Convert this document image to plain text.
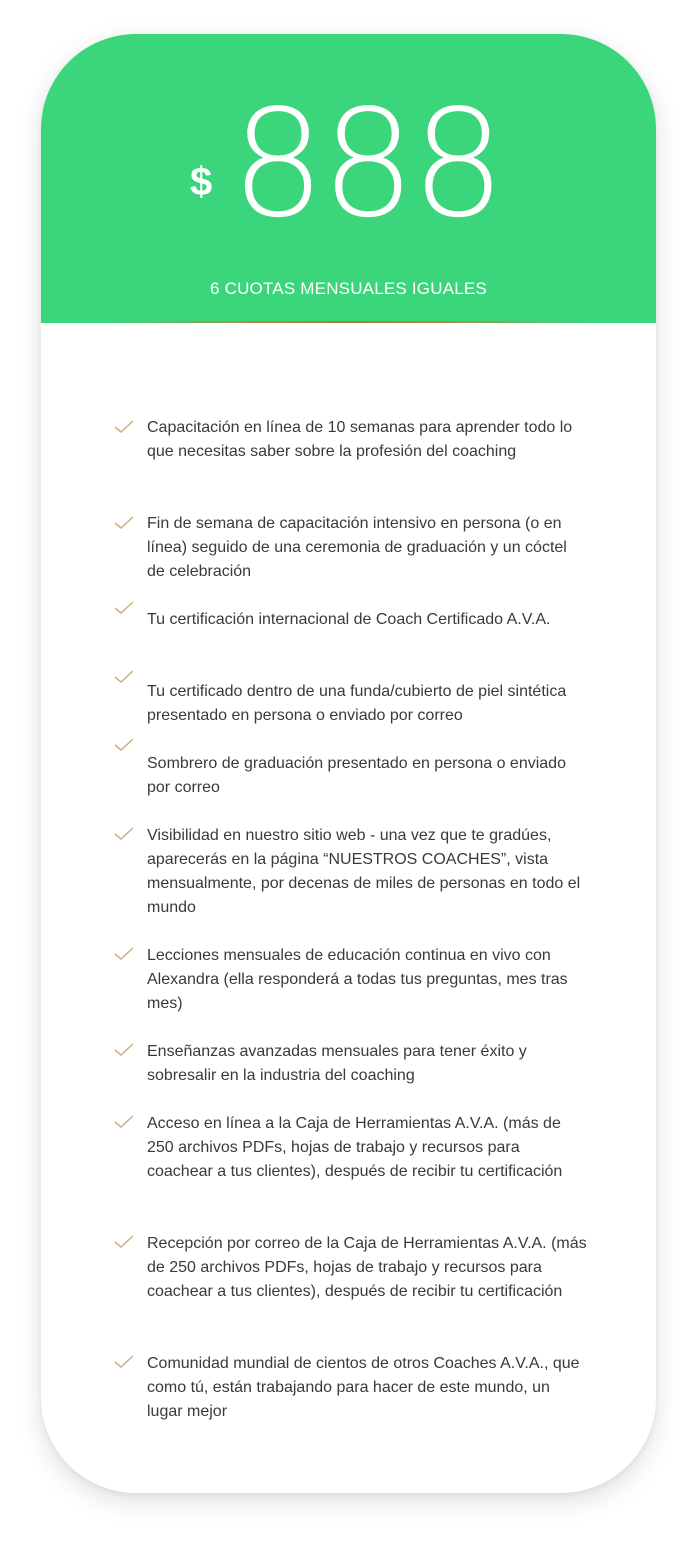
$ 888
6 CUOTAS MENSUALES IGUALES
Capacitación en línea de 10 semanas para aprender todo lo que necesitas saber sobre la profesión del coaching
Fin de semana de capacitación intensivo en persona (o en línea) seguido de una ceremonia de graduación y un cóctel de celebración
Tu certificación internacional de Coach Certificado A.V.A.
Tu certificado dentro de una funda/cubierto de piel sintética presentado en persona o enviado por correo
Sombrero de graduación presentado en persona o enviado por correo
Visibilidad en nuestro sitio web - una vez que te gradúes, aparecerás en la página “NUESTROS COACHES”, vista mensualmente, por decenas de miles de personas en todo el mundo
Lecciones mensuales de educación continua en vivo con Alexandra (ella responderá a todas tus preguntas, mes tras mes)
Enseñanzas avanzadas mensuales para tener éxito y sobresalir en la industria del coaching
Acceso en línea a la Caja de Herramientas A.V.A. (más de 250 archivos PDFs, hojas de trabajo y recursos para coachear a tus clientes), después de recibir tu certificación
Recepción por correo de la Caja de Herramientas A.V.A. (más de 250 archivos PDFs, hojas de trabajo y recursos para coachear a tus clientes), después de recibir tu certificación
Comunidad mundial de cientos de otros Coaches A.V.A., que como tú, están trabajando para hacer de este mundo, un lugar mejor
